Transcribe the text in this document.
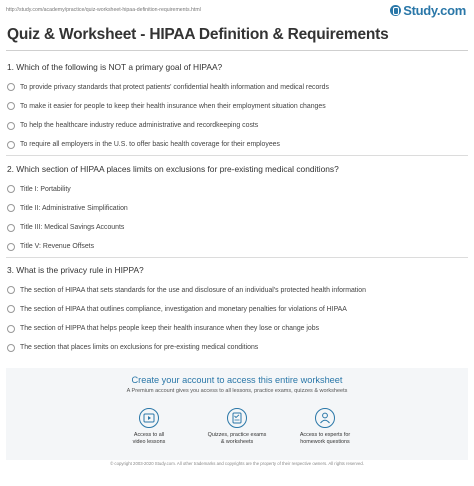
http://study.com/academy/practice/quiz-worksheet-hipaa-definition-requirements.html	Study.com
Quiz & Worksheet - HIPAA Definition & Requirements
1. Which of the following is NOT a primary goal of HIPAA?
To provide privacy standards that protect patients' confidential health information and medical records
To make it easier for people to keep their health insurance when their employment situation changes
To help the healthcare industry reduce administrative and recordkeeping costs
To require all employers in the U.S. to offer basic health coverage for their employees
2. Which section of HIPAA places limits on exclusions for pre-existing medical conditions?
Title I: Portability
Title II: Administrative Simplification
Title III: Medical Savings Accounts
Title V: Revenue Offsets
3. What is the privacy rule in HIPPA?
The section of HIPAA that sets standards for the use and disclosure of an individual's protected health information
The section of HIPAA that outlines compliance, investigation and monetary penalties for violations of HIPAA
The section of HIPPA that helps people keep their health insurance when they lose or change jobs
The section that places limits on exclusions for pre-existing medical conditions
Create your account to access this entire worksheet
A Premium account gives you access to all lessons, practice exams, quizzes & worksheets
Access to all
video lessons
Quizzes, practice exams
& worksheets
Access to experts for
homework questions
© copyright 2003-2020 Study.com. All other trademarks and copyrights are the property of their respective owners. All rights reserved.
